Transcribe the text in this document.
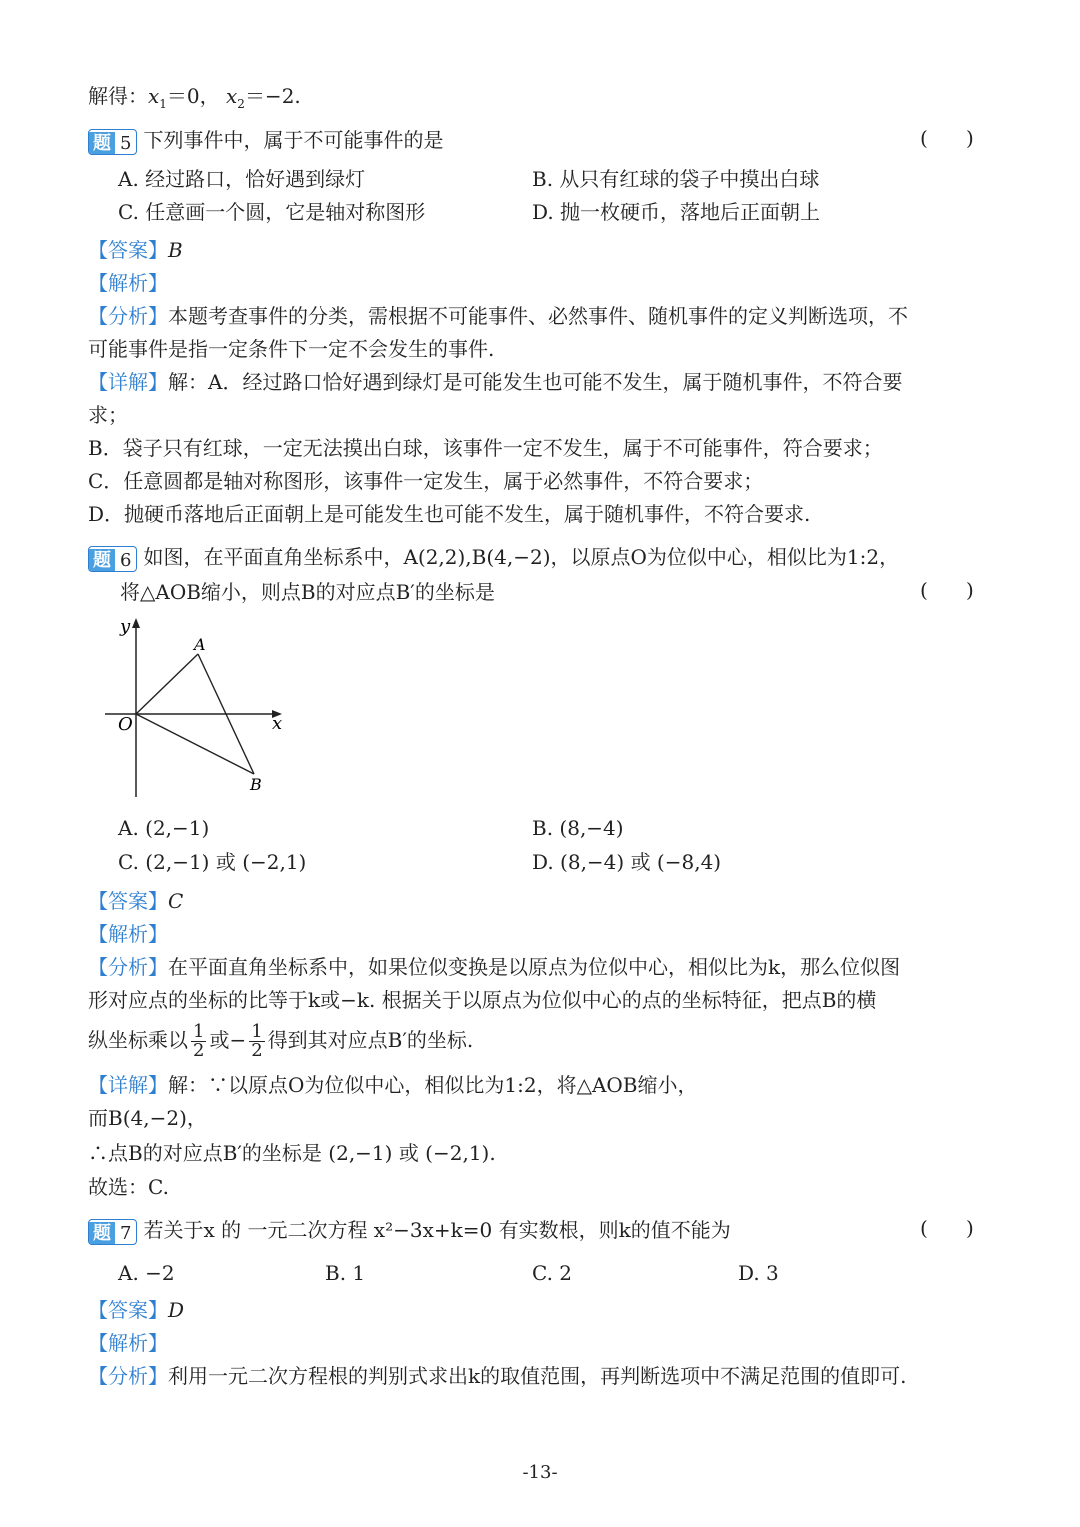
解得：$x_1=0$， $x_2=-2$.
题 5 下列事件中，属于不可能事件的是	(      )
A. 经过路口，恰好遇到绿灯	B. 从只有红球的袋子中摸出白球
C. 任意画一个圆，它是轴对称图形	D. 抛一枚硬币，落地后正面朝上
【答案】B
【解析】
【分析】本题考查事件的分类，需根据不可能事件、必然事件、随机事件的定义判断选项，不
可能事件是指一定条件下一定不会发生的事件.
【详解】解：A．经过路口恰好遇到绿灯是可能发生也可能不发生，属于随机事件，不符合要
求；
B．袋子只有红球，一定无法摸出白球，该事件一定不发生，属于不可能事件，符合要求；
C．任意圆都是轴对称图形，该事件一定发生，属于必然事件，不符合要求；
D．抛硬币落地后正面朝上是可能发生也可能不发生，属于随机事件，不符合要求.
题 6 如图，在平面直角坐标系中，A(2,2),B(4,−2)，以原点O为位似中心，相似比为1:2，
将△AOB缩小，则点B的对应点B′的坐标是	(      )
y
x
O
A
B
A. (2,−1)	B. (8,−4)
C. (2,−1) 或 (−2,1)	D. (8,−4) 或 (−8,4)
【答案】C
【解析】
【分析】在平面直角坐标系中，如果位似变换是以原点为位似中心，相似比为k，那么位似图
形对应点的坐标的比等于k或−k. 根据关于以原点为位似中心的点的坐标特征，把点B的横
纵坐标乘以 $\frac{1}{2}$ 或− $\frac{1}{2}$ 得到其对应点B′的坐标.
【详解】解：∵以原点O为位似中心，相似比为1:2，将△AOB缩小，
而B(4,−2)，
∴点B的对应点B′的坐标是 (2,−1) 或 (−2,1).
故选：C.
题 7 若关于x 的 一元二次方程 x²−3x+k=0 有实数根，则k的值不能为	(      )
A. −2	B. 1	C. 2	D. 3
【答案】D
【解析】
【分析】利用一元二次方程根的判别式求出k的取值范围，再判断选项中不满足范围的值即可.
-13-
